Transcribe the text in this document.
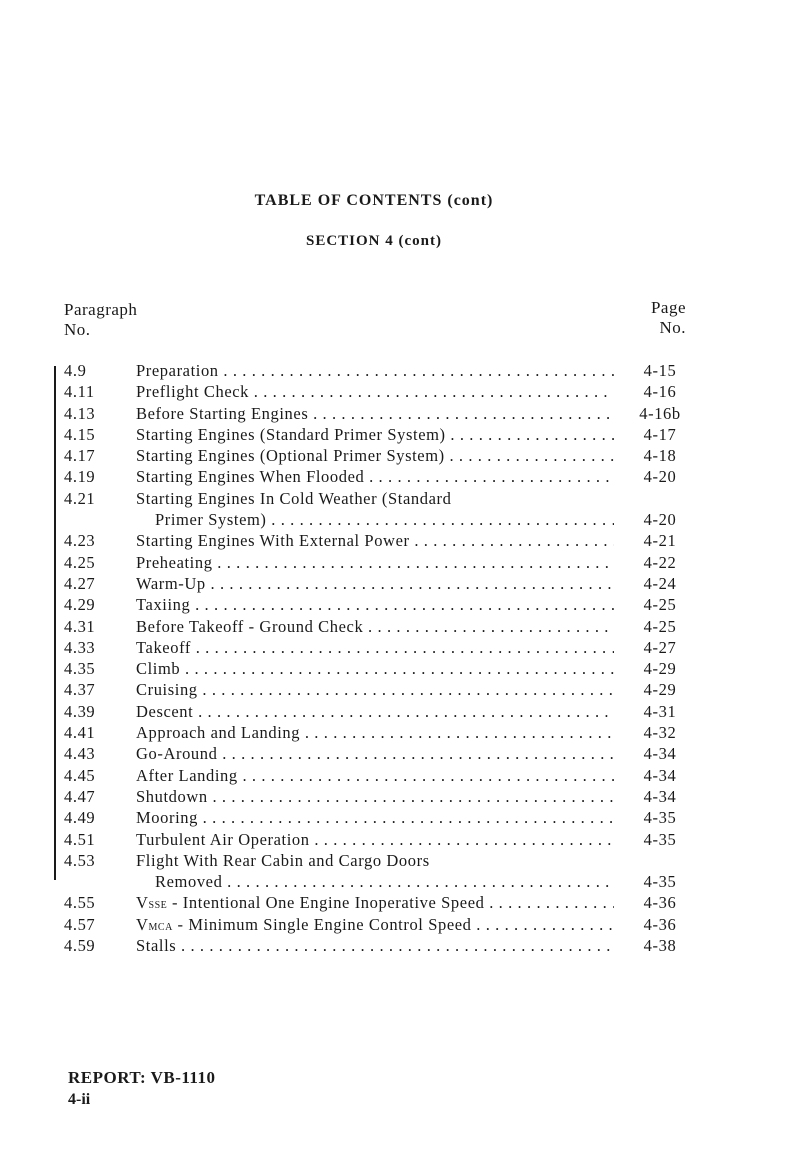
TABLE OF CONTENTS (cont)
SECTION 4 (cont)
Paragraph
No.
Page
No.
4.9	Preparation . . .	4-15
4.11	Preflight Check . . .	4-16
4.13 Before Starting Engines . . .	4-16b
4.15 Starting Engines (Standard Primer System) . . .	4-17
4.17 Starting Engines (Optional Primer System) . . .	4-18
4.19 Starting Engines When Flooded . . .	4-20
4.21 Starting Engines In Cold Weather (Standard
Primer System) . . .	4-20
4.23 Starting Engines With External Power . . .	4-21
4.25 Preheating . . .	4-22
4.27 Warm-Up . . .	4-24
4.29 Taxiing . . .	4-25
4.31 Before Takeoff - Ground Check . . .	4-25
4.33 Takeoff . . .	4-27
4.35 Climb . . .	4-29
4.37 Cruising . . .	4-29
4.39 Descent . . .	4-31
4.41 Approach and Landing . . .	4-32
4.43 Go-Around . . .	4-34
4.45 After Landing . . .	4-34
4.47 Shutdown . . .	4-34
4.49 Mooring . . .	4-35
4.51 Turbulent Air Operation . . .	4-35
4.53 Flight With Rear Cabin and Cargo Doors
Removed . . .	4-35
4.55 VSSE - Intentional One Engine Inoperative Speed . . .	4-36
4.57 VMCA - Minimum Single Engine Control Speed . . .	4-36
4.59 Stalls . . .	4-38
REPORT: VB-1110
4-ii
